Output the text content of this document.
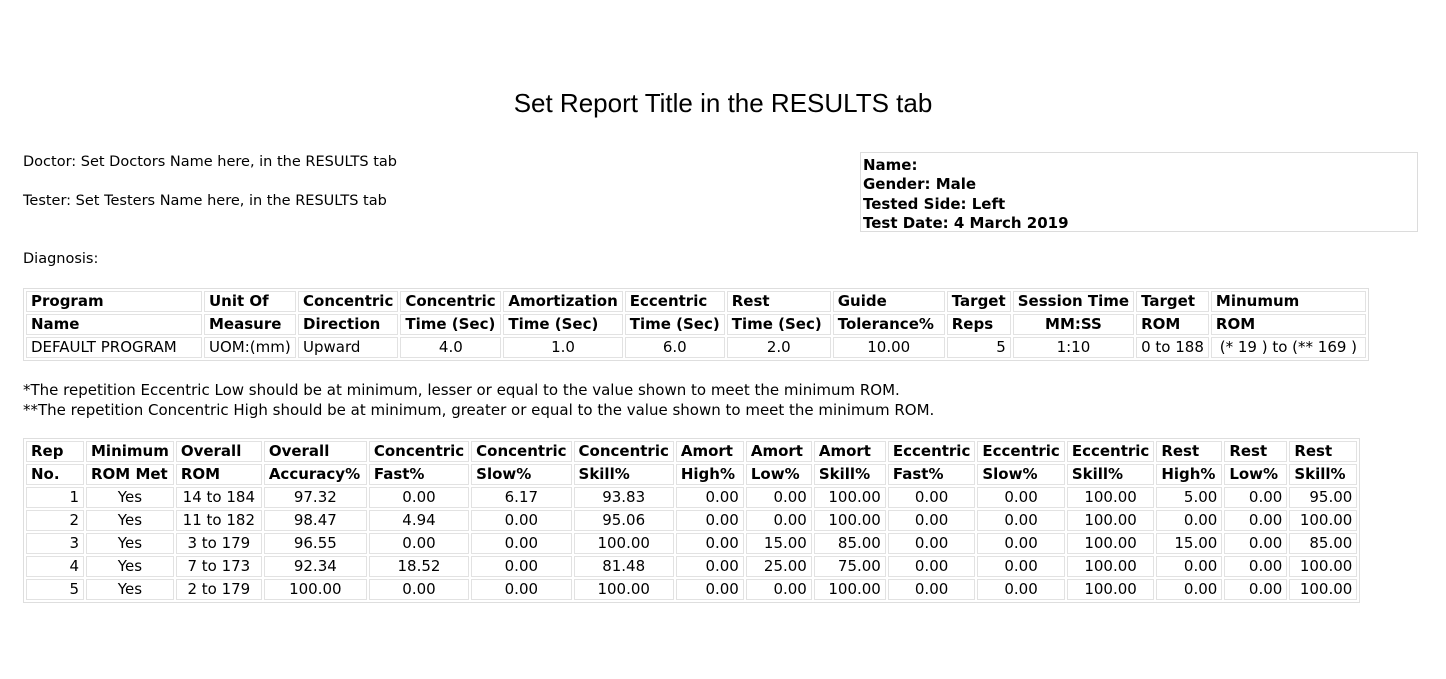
Set Report Title in the RESULTS tab
Doctor: Set Doctors Name here, in the RESULTS tab
Tester: Set Testers Name here, in the RESULTS tab
Diagnosis:
Name:
Gender: Male
Tested Side: Left
Test Date: 4 March 2019
Program	Unit Of	Concentric	Concentric	Amortization	Eccentric	Rest	Guide	Target	Session Time	Target	Minumum
Name	Measure	Direction	Time (Sec)	Time (Sec)	Time (Sec)	Time (Sec)	Tolerance%	Reps	MM:SS	ROM	ROM
DEFAULT PROGRAM	UOM:(mm)	Upward	4.0	1.0	6.0	2.0	10.00	5	1:10	0 to 188	(* 19 ) to (** 169 )
*The repetition Eccentric Low should be at minimum, lesser or equal to the value shown to meet the minimum ROM.
**The repetition Concentric High should be at minimum, greater or equal to the value shown to meet the minimum ROM.
Rep	Minimum	Overall	Overall	Concentric	Concentric	Concentric	Amort	Amort	Amort	Eccentric	Eccentric	Eccentric	Rest	Rest	Rest
No.	ROM Met	ROM	Accuracy%	Fast%	Slow%	Skill%	High%	Low%	Skill%	Fast%	Slow%	Skill%	High%	Low%	Skill%
1	Yes	14 to 184	97.32	0.00	6.17	93.83	0.00	0.00	100.00	0.00	0.00	100.00	5.00	0.00	95.00
2	Yes	11 to 182	98.47	4.94	0.00	95.06	0.00	0.00	100.00	0.00	0.00	100.00	0.00	0.00	100.00
3	Yes	3 to 179	96.55	0.00	0.00	100.00	0.00	15.00	85.00	0.00	0.00	100.00	15.00	0.00	85.00
4	Yes	7 to 173	92.34	18.52	0.00	81.48	0.00	25.00	75.00	0.00	0.00	100.00	0.00	0.00	100.00
5	Yes	2 to 179	100.00	0.00	0.00	100.00	0.00	0.00	100.00	0.00	0.00	100.00	0.00	0.00	100.00
